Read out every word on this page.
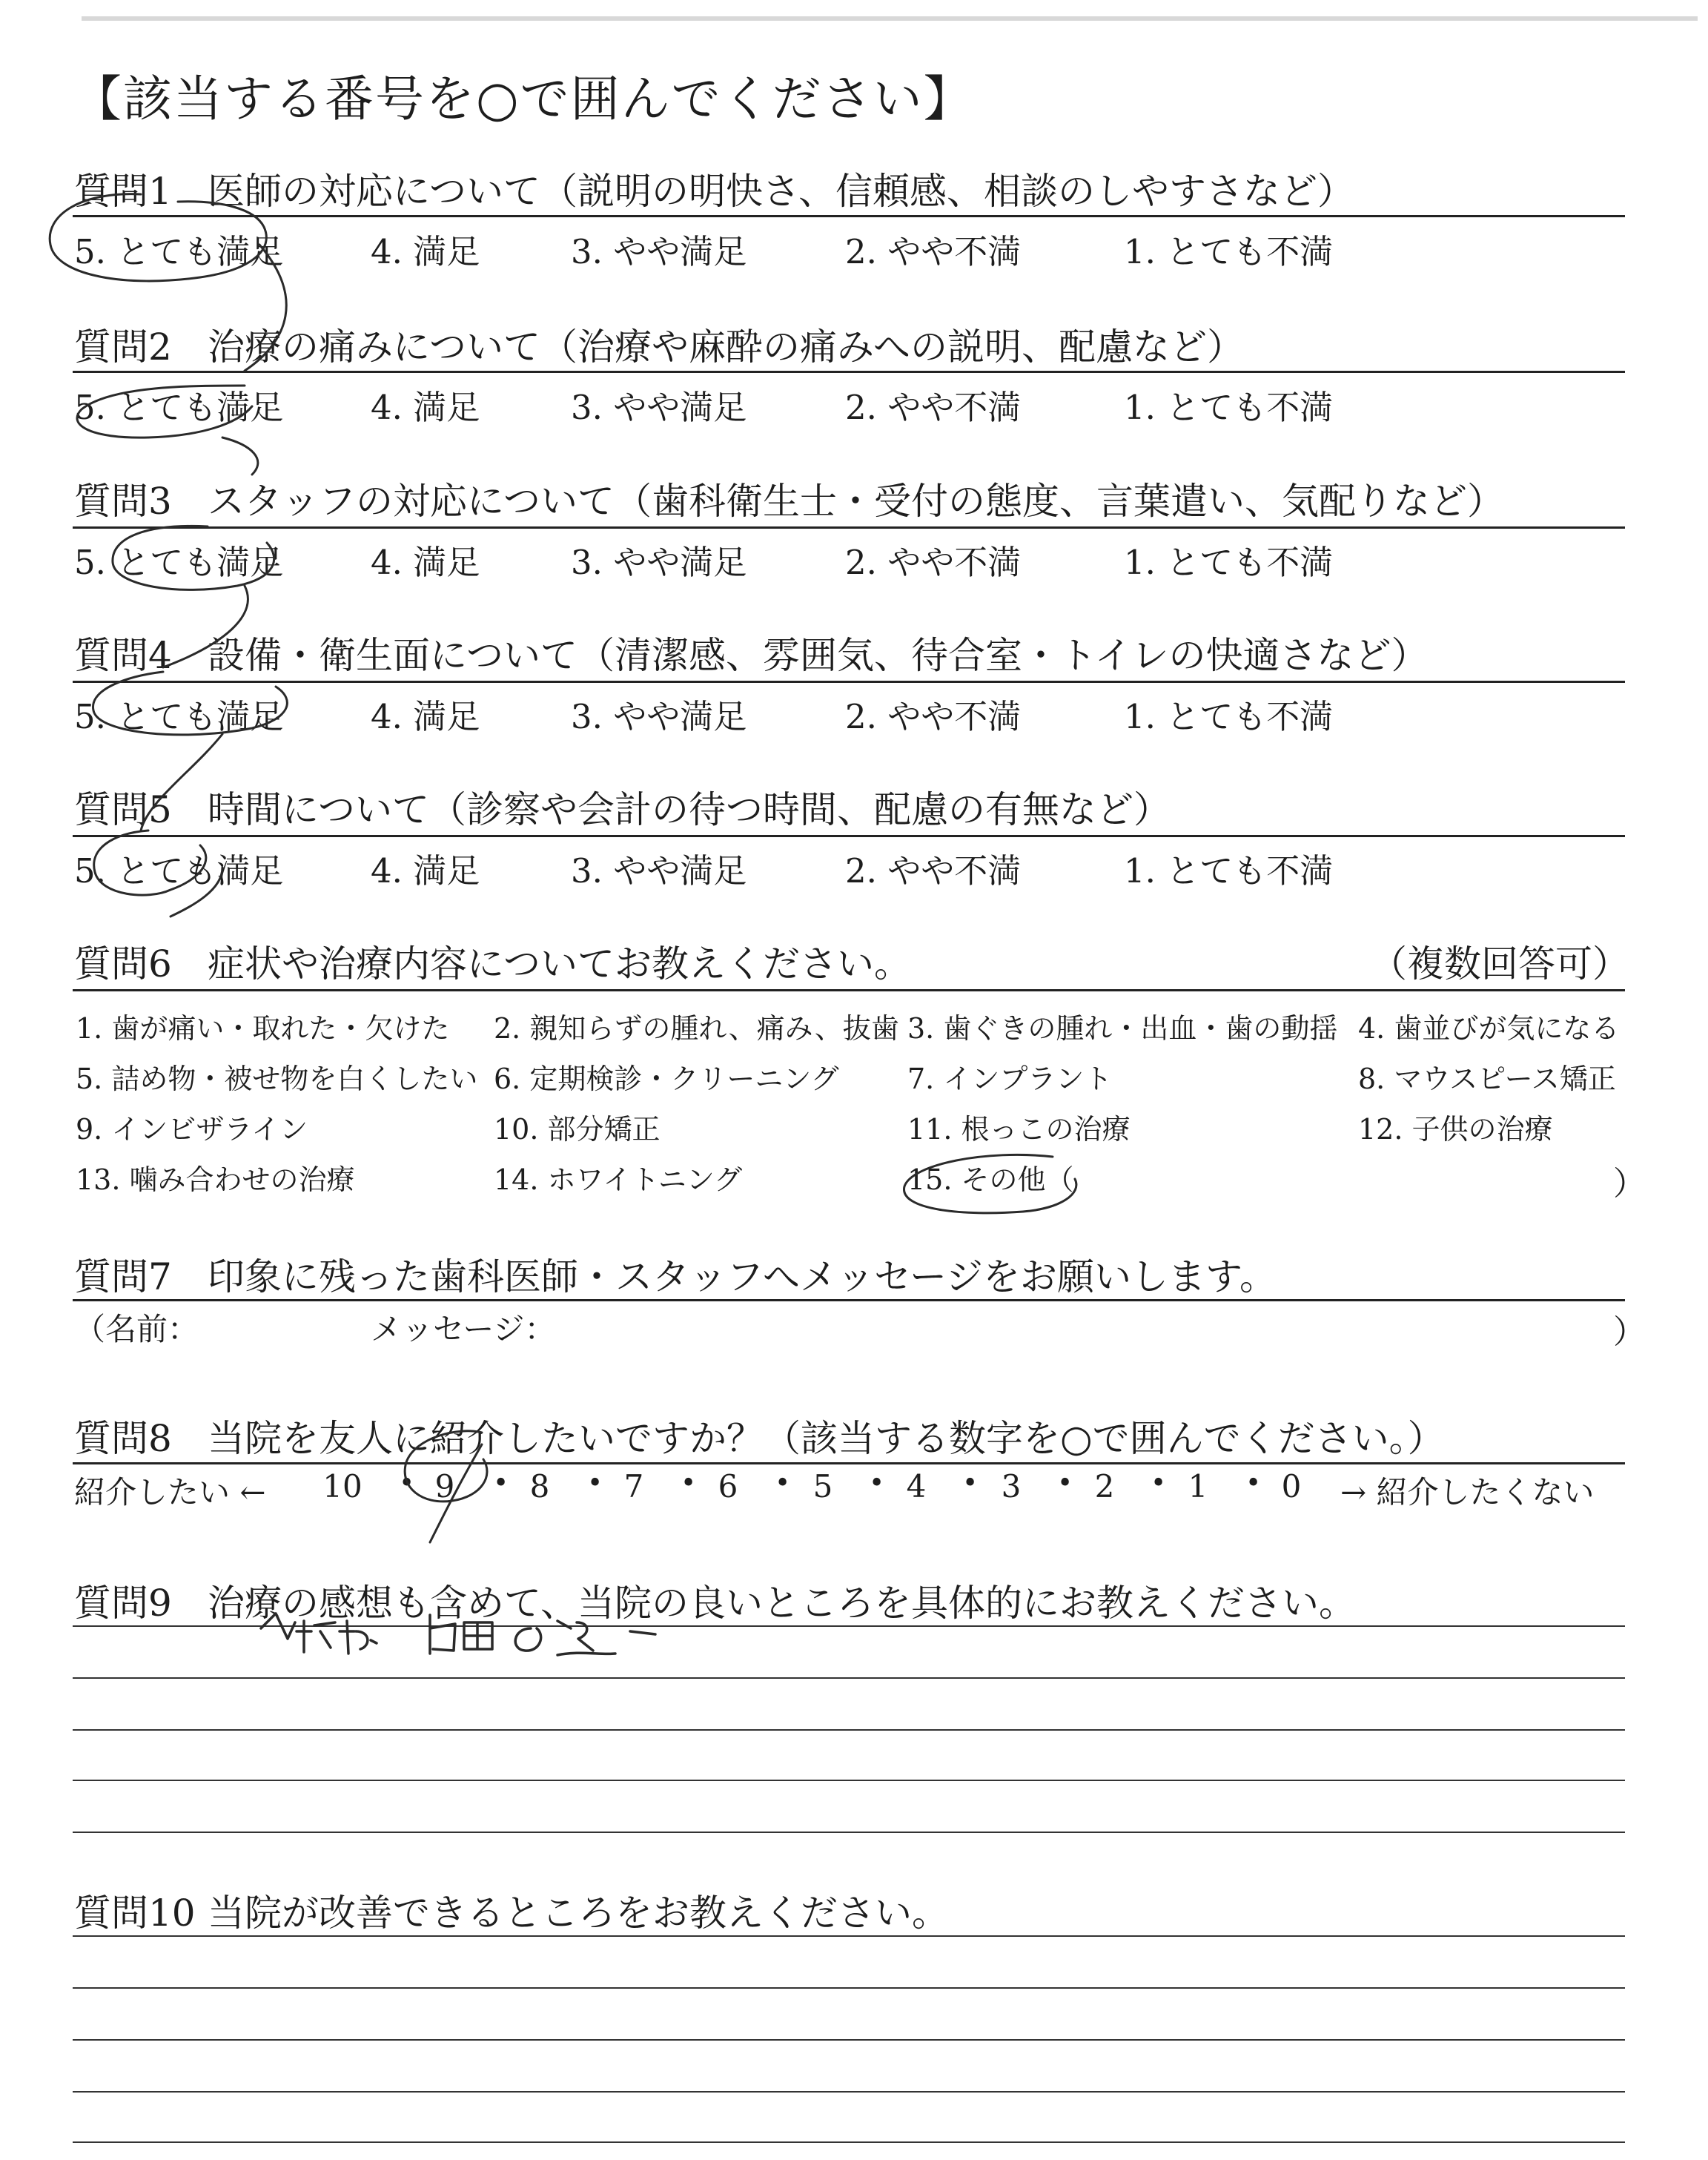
【該当する番号を○で囲んでください】
質問1 医師の対応について（説明の明快さ、信頼感、相談のしやすさなど）
5. とても満足	4. 満足	3. やや満足	2. やや不満	1. とても不満
質問2 治療の痛みについて（治療や麻酔の痛みへの説明、配慮など）
5. とても満足	4. 満足	3. やや満足	2. やや不満	1. とても不満
質問3 スタッフの対応について（歯科衛生士・受付の態度、言葉遣い、気配りなど）
5. とても満足	4. 満足	3. やや満足	2. やや不満	1. とても不満
質問4 設備・衛生面について（清潔感、雰囲気、待合室・トイレの快適さなど）
5. とても満足	4. 満足	3. やや満足	2. やや不満	1. とても不満
質問5 時間について（診察や会計の待つ時間、配慮の有無など）
5. とても満足	4. 満足	3. やや満足	2. やや不満	1. とても不満
質問6 症状や治療内容についてお教えください。	（複数回答可）
1. 歯が痛い・取れた・欠けた 2. 親知らずの腫れ、痛み、抜歯 3. 歯ぐきの腫れ・出血・歯の動揺 4. 歯並びが気になる
5. 詰め物・被せ物を白くしたい 6. 定期検診・クリーニング 7. インプラント	8. マウスピース矯正
9. インビザライン	10. 部分矯正	11. 根っこの治療	12. 子供の治療
13. 噛み合わせの治療	14. ホワイトニング	15. その他（	）
質問7 印象に残った歯科医師・スタッフへメッセージをお願いします。
（名前：	メッセージ：	）
質問8 当院を友人に紹介したいですか？（該当する数字を○で囲んでください。）
紹介したい ← 10 • 9	• 8	• 7	• 6	• 5	• 4	• 3	• 2	• 1	• 0	→ 紹介したくない
質問9 治療の感想も含めて、当院の良いところを具体的にお教えください。
質問10 当院が改善できるところをお教えください。
